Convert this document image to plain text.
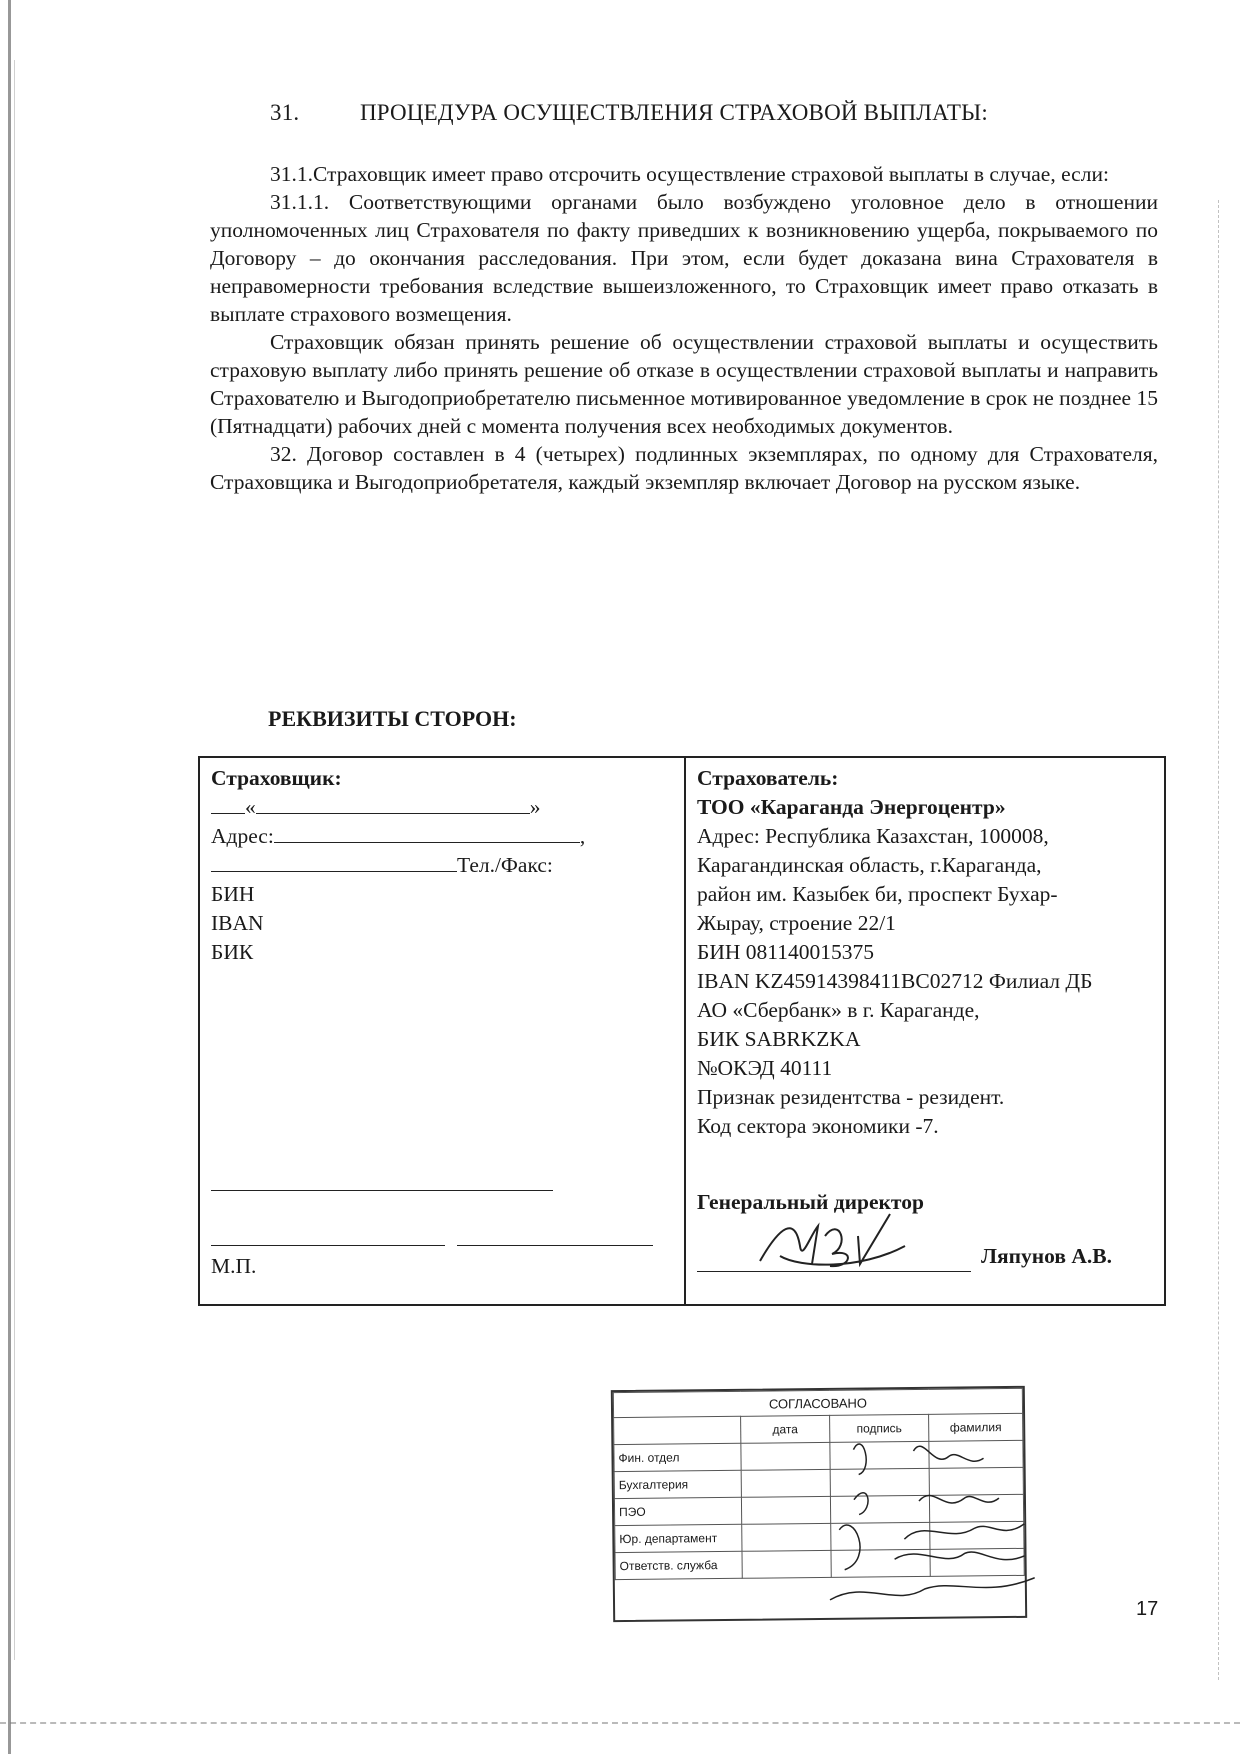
31.	ПРОЦЕДУРА ОСУЩЕСТВЛЕНИЯ СТРАХОВОЙ ВЫПЛАТЫ:

31.1.Страховщик имеет право отсрочить осуществление страховой выплаты в случае, если:

31.1.1. Соответствующими органами было возбуждено уголовное дело в отношении уполномоченных лиц Страхователя по факту приведших к возникновению ущерба, покрываемого по Договору – до окончания расследования. При этом, если будет доказана вина Страхователя в неправомерности требования вследствие вышеизложенного, то Страховщик имеет право отказать в выплате страхового возмещения.

Страховщик обязан принять решение об осуществлении страховой выплаты и осуществить страховую выплату либо принять решение об отказе в осуществлении страховой выплаты и направить Страхователю и Выгодоприобретателю письменное мотивированное уведомление в срок не позднее 15 (Пятнадцати) рабочих дней с момента получения всех необходимых документов.

32. Договор составлен в 4 (четырех) подлинных экземплярах, по одному для Страхователя, Страховщика и Выгодоприобретателя, каждый экземпляр включает Договор на русском языке.

РЕКВИЗИТЫ СТОРОН:
Страховщик:
«	»
Адрес:	,
Тел./Факс:
БИН
IBAN
БИК
М.П.
Страхователь:
ТОО «Караганда Энергоцентр»
Адрес: Республика Казахстан, 100008,
Карагандинская область, г.Караганда,
район им. Казыбек би, проспект Бухар-
Жырау, строение 22/1
БИН 081140015375
IBAN KZ45914398411BC02712 Филиал ДБ
АО «Сбербанк» в г. Караганде,
БИК SABRKZKA
№ОКЭД 40111
Признак резидентства - резидент.
Код сектора экономики -7.
Генеральный директор
Ляпунов А.В.
СОГЛАСОВАНО			
	дата	подпись	фамилия
Фин. отдел			
Бухгалтерия			
ПЭО			
Юр. департамент			
Ответств. служба			
17
